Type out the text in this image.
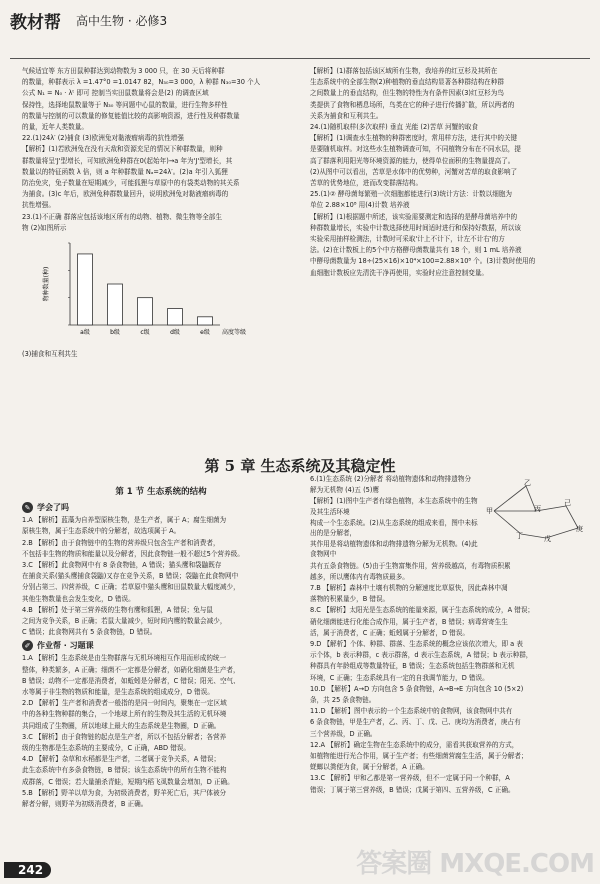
教材帮 高中生物 · 必修3

气候适宜等 东方田鼠种群达到动物数为 3 000 只，在 30 天后将种群

的数量，种群表示 λ =1.47°0 =1.0147 82，N₃₀=3 000，λ 种群 N₃₀=30 个人

公式 N₁ = N₀ · λᵗ 即可 控制当实田鼠数量将会是(2) 的调查区域

保持性，选择地鼠数量等于 N₃₀ 等问题中心鼠的数量，进行生物多样性

的数量与控制的可以数量的修复能值比较的高影响资源，进行性及种群数量

的量，近年人类数量。

22.(1)24λ′ (2)捕食 (3)欧洲兔对黏液瘤病毒的抗性增强

【解析】(1)若欧洲兔在没有天敌和资源充足的情况下种群数量，则种

群数量将呈'J'型增长，可知欧洲兔种群在0(起始年)→a 年为'J'型增长，其

数量以的特征函数 λ 倍，则 a 年种群数量 Nₐ=24λ′。(2)a 年引入狐狸

防治免灾，兔子数量在短期减少，可能狐狸与草原中的有袋类动物的其关系

为捕食。(3)c 年后，欧洲兔种群数量回升，说明欧洲兔对黏液瘤病毒的

抗性增强。

23.(1)不正确 群落应包括该地区所有的动物、植物、微生物等全部生

物 (2)如图所示

物种数量(种)
a级	b级	c级	d级	e级 高度等级

(3)捕食和互利共生

【解析】(1)群落包括该区域所有生物，我培养的红豆杉及其所在

生态系统中的全部生物(2)种植物的垂直结构显著各种群结构在种群

之间数量上的垂直结构，但生物的特性为有条件因素(3)红豆杉为鸟

类提供了食物和栖息场所，鸟类在它的种子进行传播扩散，所以两者的

关系为捕食和互利共生。

24.(1)随机取样(多次取样) 垂直 光能 (2)苦草 河蟹的取食

【解析】(1)调查水生植物的种群密度时，常用样方法，进行其中的关键

是要随机取样。对这些水生植物调查可知，不同植物分布在不同水层，提

高了群落利用阳光等环境资源的能力，使得单位面积的生物量提高了。

(2)从图中可以看出，苦草是水体中的优势种，河蟹对苦草的取食影响了

苦草的优势地位，进而改变群落结构。

25.(1)② 酵母菌每繁殖一次细胞都能进行(3)统计方法：计数以细胞为

单位 2.88×10⁸ 用(4)计数 培养液

【解析】(1)根据题中所述，该实验需要测定和选择的是酵母菌培养中的

种群数量增长，实验中计数选择使用时间适时进行和保持好数据，所以该

实验采用抽样检测法，计数时可采取'计上不计下，计左不计右'的方

法。(2)在计数板上的5个中方格酵母菌数量共有 18 个，则 1 mL 培养液

中酵母菌数量为 18÷(25×16)×10⁴×100=2.88×10⁸ 个。(3)计数时使用的

血细胞计数板应先清洗干净再使用，实验时应注意控制变量。

第 5 章 生态系统及其稳定性
第 1 节 生态系统的结构
✎ 学会了吗

1.A 【解析】蓝藻为自养型原核生物，是生产者，属于 A；腐生细菌为

原核生物，属于生态系统中的分解者，故选项属于 A。

2.B 【解析】由于食物链中的生物的营养级只包含生产者和消费者，

不包括非生物的物质和能量以及分解者，因此食物链一般不超过5个营养级。

3.C 【解析】此食物网中有 8 条食物链，A 错误；猫头鹰和袋鼬既存

在捕食关系(猫头鹰捕食袋鼬)又存在竞争关系，B 错误；袋鼬在此食物网中

分别占第三、四营养级，C 正确；若草原中猫头鹰和田鼠数量大幅度减少，

其他生物数量也会发生变化，D 错误。

4.B 【解析】处于第三营养级的生物有鹰和狐狸，A 错误；兔与鼠

之间为竞争关系，B 正确；若鼠大量减少，短时间内鹰的数量会减少，

C 错误；此食物网共有 5 条食物链，D 错误。

✐ 作业帮 · 习题课

1.A 【解析】生态系统是由生物群落与无机环境相互作用而形成的统一

整体，种类繁多，A 正确；细菌不一定都是分解者，如硝化细菌是生产者，

B 错误；动物不一定都是消费者，如蚯蚓是分解者，C 错误；阳光、空气、

水等属于非生物的物质和能量，是生态系统的组成成分，D 错误。

2.D 【解析】生产者和消费者一般指的是同一时间内，聚集在一定区域

中的各种生物种群的集合，一个地球上所有的生物及其生活的无机环境

共同组成了生物圈，所以地球上最大的生态系统是生物圈，D 正确。

3.C 【解析】由于食物链的起点是生产者，所以不包括分解者；各营养

级的生物都是生态系统的主要成分，C 正确，ABD 错误。

4.D 【解析】杂草和水稻都是生产者，二者属于竞争关系，A 错误；

此生态系统中有多条食物链，B 错误；该生态系统中的所有生物不能构

成群落，C 错误；若大量捕杀青蛙，短期内稻飞虱数量会增加，D 正确。

5.B 【解析】野羊以草为食，为初级消费者，野羊死亡后，其尸体被分

解者分解，则野羊为初级消费者，B 正确。

甲
乙
丙
丁	戊
己
庚

6.(1)生态系统 (2)分解者 将动植物遗体和动物排遗物分

解为无机物 (4)五 (5)鹰

【解析】(1)图中生产者有绿色植物，本生态系统中的生物及其生活环境

构成一个生态系统。(2)从生态系统的组成来看，图中未标出的是分解者，

其作用是将动植物遗体和动物排遗物分解为无机物。(4)此食物网中

共有五条食物链。(5)由于生物富集作用，营养级越高，有毒物质积累

越多，所以鹰体内有毒物质最多。

7.B 【解析】森林中土壤有机物的分解速度比草原快，因此森林中凋

落物的积累量少，B 错误。

8.C 【解析】太阳光是生态系统的能量来源，属于生态系统的成分，A 错误；

硝化细菌能进行化能合成作用，属于生产者，B 错误；病毒营寄生生

活，属于消费者，C 正确；蚯蚓属于分解者，D 错误。

9.D 【解析】个体、种群、群落、生态系统的概念应该依次增大，即 a 表

示个体，b 表示种群，c 表示群落，d 表示生态系统，A 错误；b 表示种群，

种群具有年龄组成等数量特征，B 错误；生态系统包括生物群落和无机

环境，C 正确；生态系统具有一定的自我调节能力，D 错误。

10.D 【解析】A→D 方向包含 5 条食物链，A→B→E 方向包含 10 (5×2)

条，共 25 条食物链。

11.D 【解析】图中表示的一个生态系统中的食物网，该食物网中共有

6 条食物链，甲是生产者，乙、丙、丁、戊、己、庚均为消费者，庚占有

三个营养级，D 正确。

12.A 【解析】确定生物在生态系统中的成分，需看其获取营养的方式，

如植物能进行光合作用，属于生产者；有些细菌营腐生生活，属于分解者；

蜣螂以粪便为食，属于分解者，A 正确。

13.C 【解析】甲和乙都是第一营养级，但不一定属于同一个种群，A

错误；丁属于第三营养级，B 错误；戊属于第四、五营养级，C 正确。

242	答案圈 MXQE.COM
